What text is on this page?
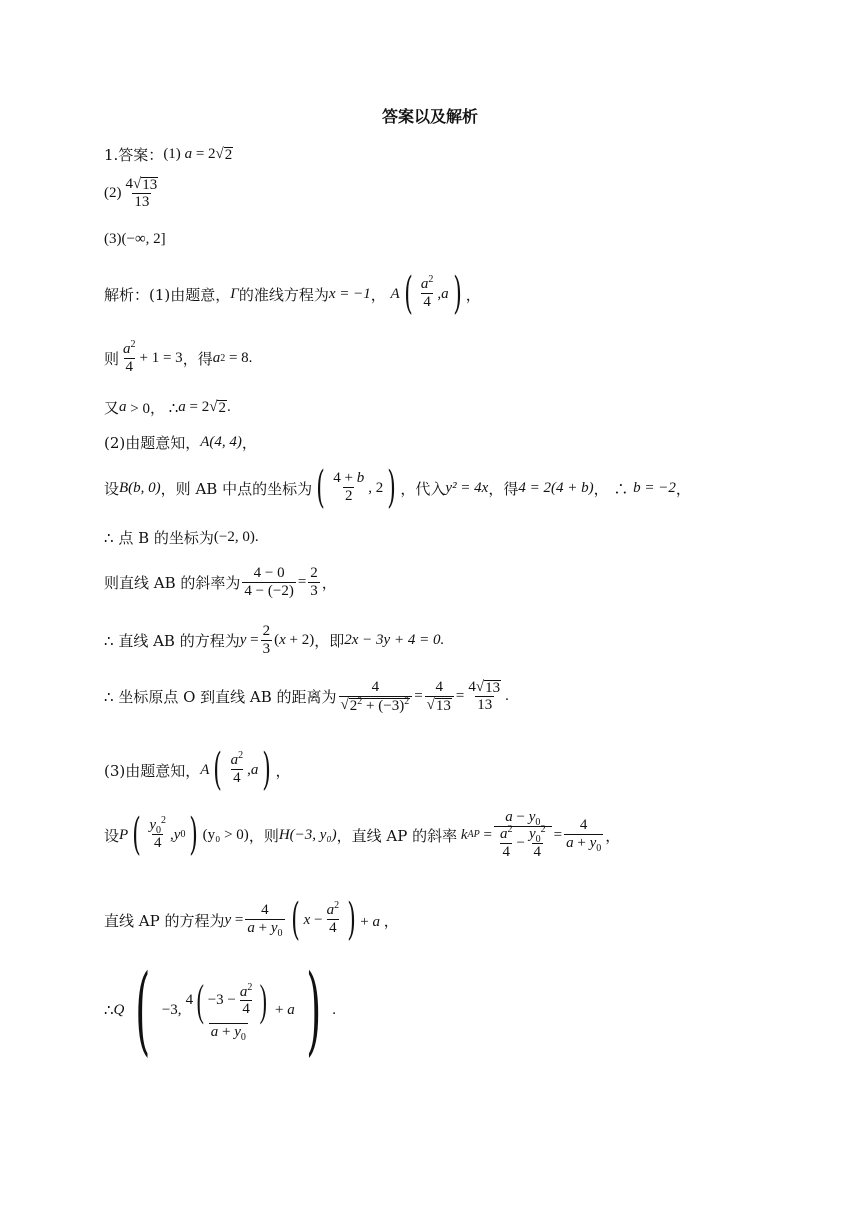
答案以及解析
1.答案： (1) a = 2 √ 2
$(2) \frac{4 √ 13}{13}$
(3) (−∞, 2]
解析： (1)由题意， Γ 的准线方程为 x = −1 ， A ( $\frac{a^2}{4}$ , a ) ，
则 $\frac{a^2}{4} + 1 = 3$ ，得 a 2 = 8.
又 a > 0， ∴ a = 2 √ 2 .
(2)由题意知， A(4, 4) ，
设 B(b, 0) ，则 AB 中点的坐标为 ( $\frac{4 + b}{2}$ , 2 ) ，代入 y² = 4x ，得 4 = 2(4 + b) ， ∴ b = −2 ，
∴ 点 B 的坐标为 (−2, 0).
则直线 AB 的斜率为 $\frac{4 - 0}{4 - (-2)} = \frac{2}{3}$ ，
∴ 直线 AB 的方程为 $y = \frac{2}{3} (x + 2)$ ，即 2x − 3y + 4 = 0.
∴ 坐标原点 O 到直线 AB 的距离为 $\frac{4}{√ 2^2 + (-3)^2} = \frac{4}{√ 13} = \frac{4 √ 13}{13}$ .
(3)由题意知， A ( $\frac{a^2}{4}$ , a ) ，
设 P ( $\frac{y_0^2}{4}$ , y 0 ) (y₀ > 0) ，则 H(−3, y₀) ，直线 AP 的斜率 k AP = $\frac{a - y_0}{\frac{a^2}{4} - \frac{y_0^2}{4}} = \frac{4}{a + y_0}$ ，
直线 AP 的方程为 $y = \frac{4}{a + y_0}$ ( $x - \frac{a^2}{4}$ ) + a ，
∴ Q ( −3, $\frac{4 ( -3 - \frac{a^2}{4} )}{a + y_0} + a$ ) .
